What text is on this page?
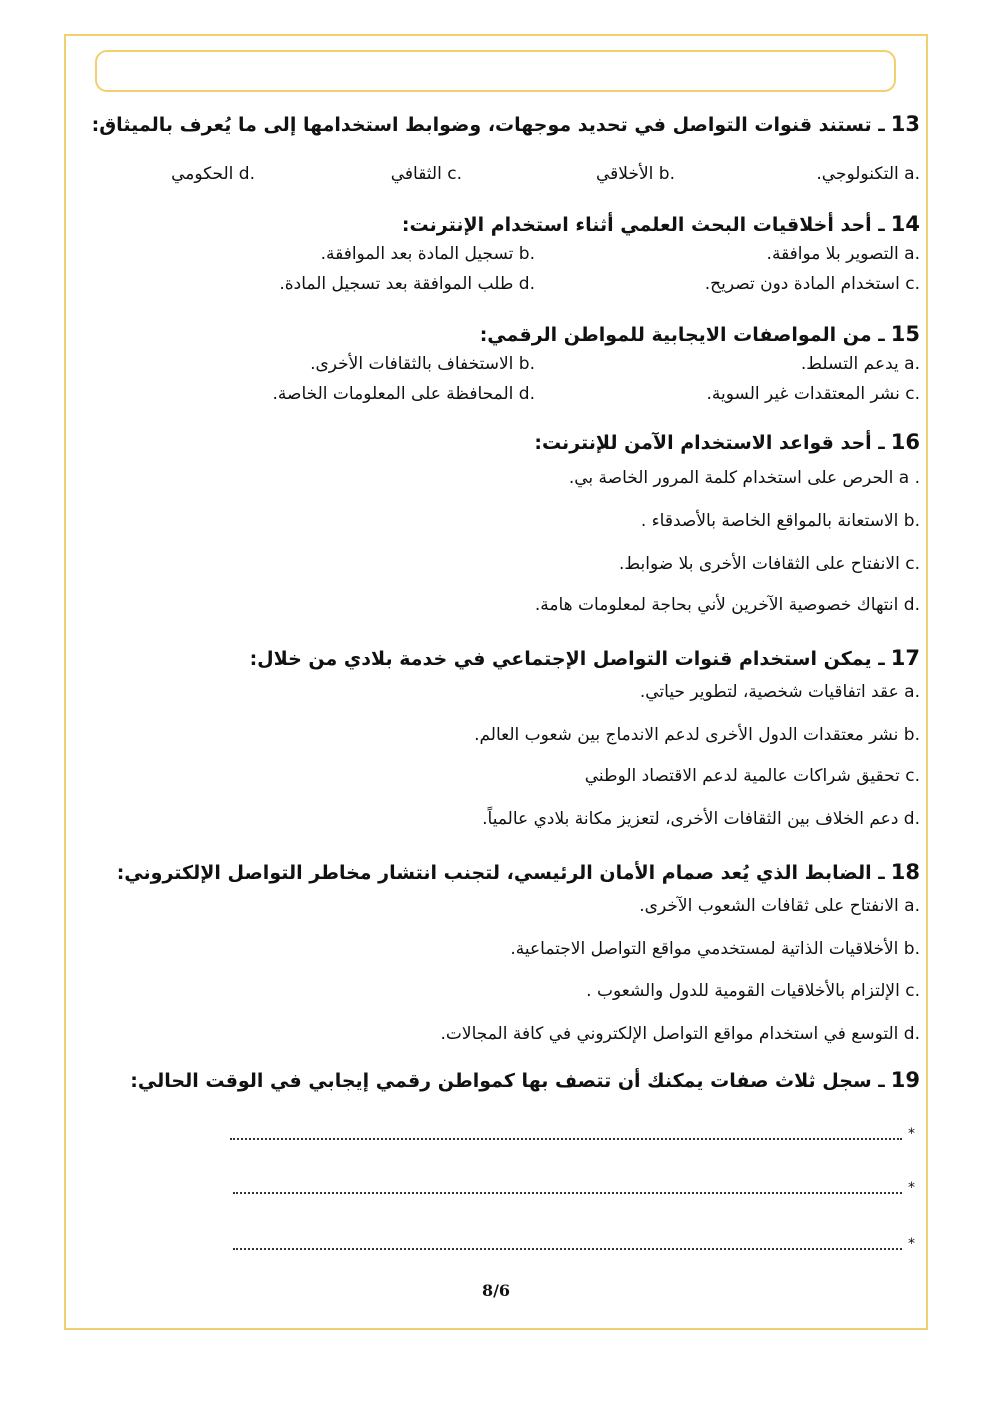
13ـ تستند قنوات التواصل في تحديد موجهات، وضوابط استخدامها إلى ما يُعرف بالميثاق:
a. التكنولوجي.
b. الأخلاقي
c. الثقافي
d. الحكومي
14ـ أحد أخلاقيات البحث العلمي أثناء استخدام الإنترنت:
a. التصوير بلا موافقة.
b. تسجيل المادة بعد الموافقة.
c. استخدام المادة دون تصريح.
d. طلب الموافقة بعد تسجيل المادة.
15ـ من المواصفات الايجابية للمواطن الرقمي:
a. يدعم التسلط.
b. الاستخفاف بالثقافات الأخرى.
c. نشر المعتقدات غير السوية.
d. المحافظة على المعلومات الخاصة.
16ـ أحد قواعد الاستخدام الآمن للإنترنت:
a . الحرص على استخدام كلمة المرور الخاصة بي.
b. الاستعانة بالمواقع الخاصة بالأصدقاء .
c. الانفتاح على الثقافات الأخرى بلا ضوابط.
d. انتهاك خصوصية الآخرين لأني بحاجة لمعلومات هامة.
17ـ يمكن استخدام قنوات التواصل الإجتماعي في خدمة بلادي من خلال:
a. عقد اتفاقيات شخصية، لتطوير حياتي.
b. نشر معتقدات الدول الأخرى لدعم الاندماج بين شعوب العالم.
c. تحقيق شراكات عالمية لدعم الاقتصاد الوطني
d. دعم الخلاف بين الثقافات الأخرى، لتعزيز مكانة بلادي عالمياً.
18ـ الضابط الذي يُعد صمام الأمان الرئيسي، لتجنب انتشار مخاطر التواصل الإلكتروني:
a. الانفتاح على ثقافات الشعوب الآخرى.
b. الأخلاقيات الذاتية لمستخدمي مواقع التواصل الاجتماعية.
c. الإلتزام بالأخلاقيات القومية للدول والشعوب .
d. التوسع في استخدام مواقع التواصل الإلكتروني في كافة المجالات.
19ـ سجل ثلاث صفات يمكنك أن تتصف بها كمواطن رقمي إيجابي في الوقت الحالي:
*
*
*
8/6
